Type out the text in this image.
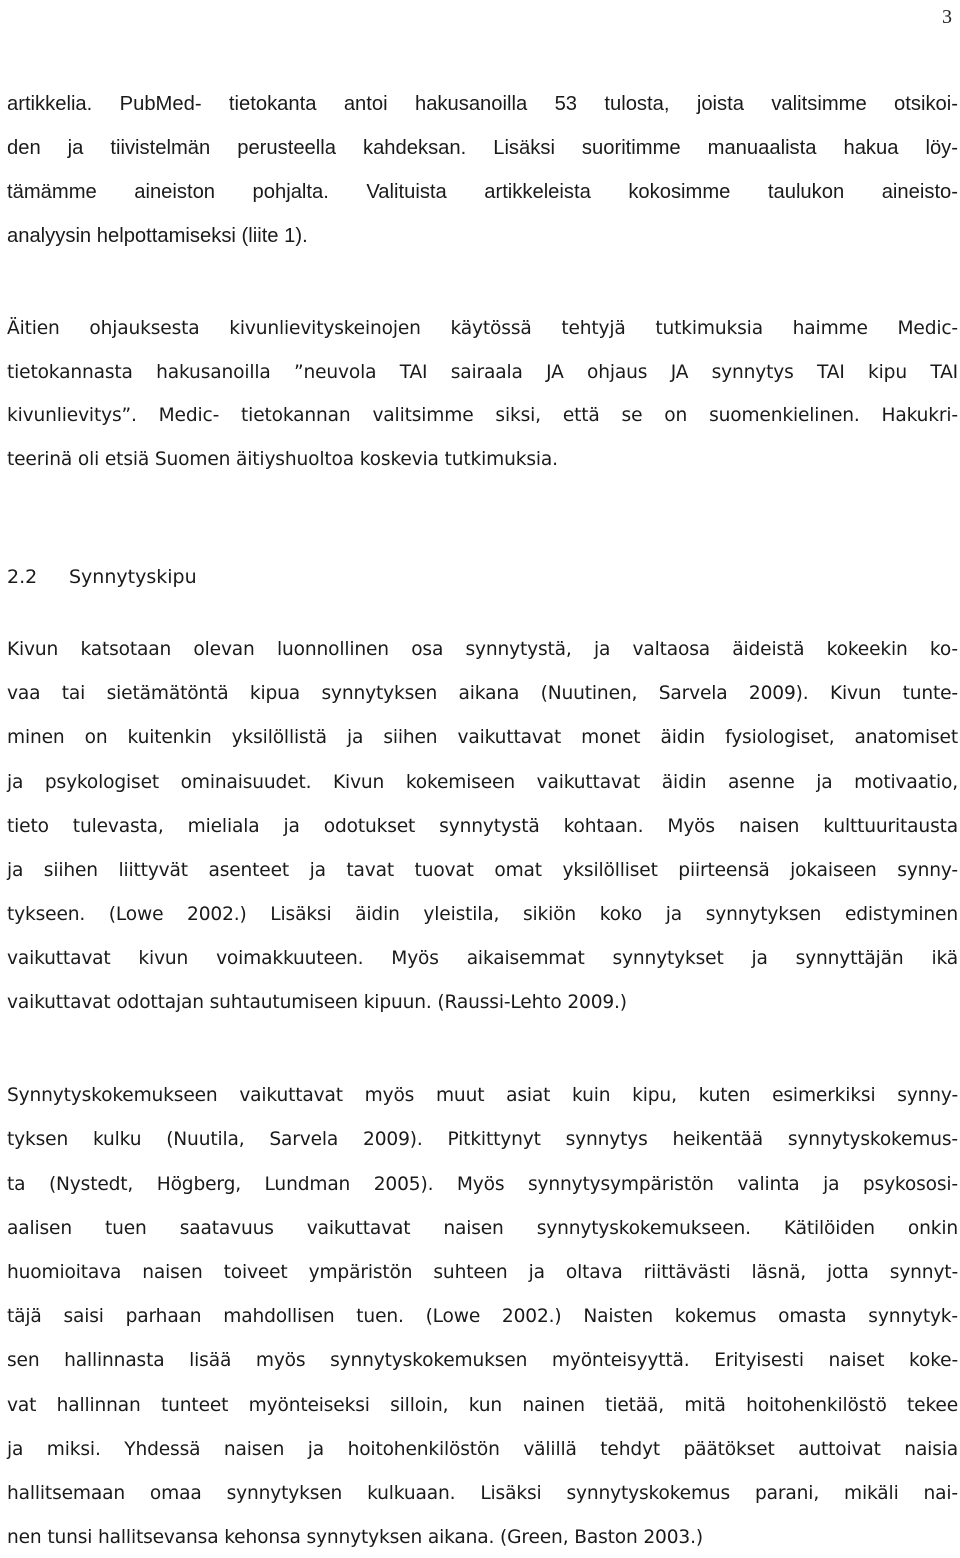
3
artikkelia. PubMed- tietokanta antoi hakusanoilla 53 tulosta, joista valitsimme otsikoi-
den ja tiivistelmän perusteella kahdeksan. Lisäksi suoritimme manuaalista hakua löy-
tämämme aineiston pohjalta. Valituista artikkeleista kokosimme taulukon aineisto-
analyysin helpottamiseksi (liite 1).
Äitien ohjauksesta kivunlievityskeinojen käytössä tehtyjä tutkimuksia haimme Medic-
tietokannasta hakusanoilla ”neuvola TAI sairaala JA ohjaus JA synnytys TAI kipu TAI
kivunlievitys”. Medic- tietokannan valitsimme siksi, että se on suomenkielinen. Hakukri-
teerinä oli etsiä Suomen äitiyshuoltoa koskevia tutkimuksia.
2.2 Synnytyskipu
Kivun katsotaan olevan luonnollinen osa synnytystä, ja valtaosa äideistä kokeekin ko-
vaa tai sietämätöntä kipua synnytyksen aikana (Nuutinen, Sarvela 2009). Kivun tunte-
minen on kuitenkin yksilöllistä ja siihen vaikuttavat monet äidin fysiologiset, anatomiset
ja psykologiset ominaisuudet. Kivun kokemiseen vaikuttavat äidin asenne ja motivaatio,
tieto tulevasta, mieliala ja odotukset synnytystä kohtaan. Myös naisen kulttuuritausta
ja siihen liittyvät asenteet ja tavat tuovat omat yksilölliset piirteensä jokaiseen synny-
tykseen. (Lowe 2002.) Lisäksi äidin yleistila, sikiön koko ja synnytyksen edistyminen
vaikuttavat kivun voimakkuuteen. Myös aikaisemmat synnytykset ja synnyttäjän ikä
vaikuttavat odottajan suhtautumiseen kipuun. (Raussi-Lehto 2009.)
Synnytyskokemukseen vaikuttavat myös muut asiat kuin kipu, kuten esimerkiksi synny-
tyksen kulku (Nuutila, Sarvela 2009). Pitkittynyt synnytys heikentää synnytyskokemus-
ta (Nystedt, Högberg, Lundman 2005). Myös synnytysympäristön valinta ja psykososi-
aalisen tuen saatavuus vaikuttavat naisen synnytyskokemukseen. Kätilöiden onkin
huomioitava naisen toiveet ympäristön suhteen ja oltava riittävästi läsnä, jotta synnyt-
täjä saisi parhaan mahdollisen tuen. (Lowe 2002.) Naisten kokemus omasta synnytyk-
sen hallinnasta lisää myös synnytyskokemuksen myönteisyyttä. Erityisesti naiset koke-
vat hallinnan tunteet myönteiseksi silloin, kun nainen tietää, mitä hoitohenkilöstö tekee
ja miksi. Yhdessä naisen ja hoitohenkilöstön välillä tehdyt päätökset auttoivat naisia
hallitsemaan omaa synnytyksen kulkuaan. Lisäksi synnytyskokemus parani, mikäli nai-
nen tunsi hallitsevansa kehonsa synnytyksen aikana. (Green, Baston 2003.)
